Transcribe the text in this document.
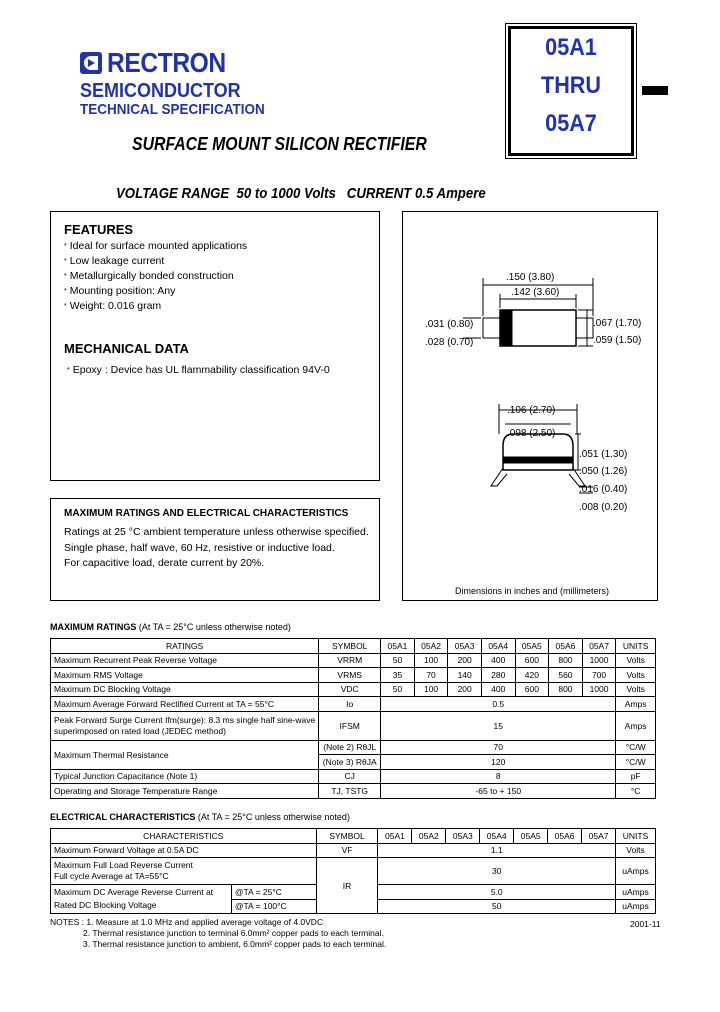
RECTRON
SEMICONDUCTOR
TECHNICAL SPECIFICATION
05A1
THRU
05A7
SURFACE MOUNT SILICON RECTIFIER
VOLTAGE RANGE  50 to 1000 Volts   CURRENT 0.5 Ampere
FEATURES
* Ideal for surface mounted applications
* Low leakage current
* Metallurgically bonded construction
* Mounting position: Any
* Weight: 0.016 gram
MECHANICAL DATA
* Epoxy : Device has UL flammability classification 94V-0
MAXIMUM RATINGS AND ELECTRICAL CHARACTERISTICS
Ratings at 25 °C ambient temperature unless otherwise specified.
Single phase, half wave, 60 Hz, resistive or inductive load.
For capacitive load, derate current by 20%.
.150 (3.80)
.142 (3.60)
.031 (0.80)
.028 (0.70)
.067 (1.70)
.059 (1.50)
.106 (2.70)
.098 (2.50)
.051 (1.30)
.050 (1.26)
.016 (0.40)
.008 (0.20)
Dimensions in inches and (millimeters)
MAXIMUM RATINGS (At TA = 25°C unless otherwise noted)
RATINGS	SYMBOL	05A1	05A2	05A3	05A4	05A5	05A6	05A7	UNITS
Maximum Recurrent Peak Reverse Voltage	VRRM	50	100	200	400	600	800	1000	Volts
Maximum RMS Voltage	VRMS	35	70	140	280	420	560	700	Volts
Maximum DC Blocking Voltage	VDC	50	100	200	400	600	800	1000	Volts
Maximum Average Forward Rectified Current at TA = 55°C	Io	0.5							Amps

Peak Forward Surge Current Ifm(surge): 8.3 ms single half sine-wave
superimposed on rated load (JEDEC method)	IFSM	15							Amps
Maximum Thermal Resistance	(Note 2) RθJL	70							°C/W
	(Note 3) RθJA	120							°C/W
Typical Junction Capacitance (Note 1)	CJ	8							pF
Operating and Storage Temperature Range	TJ, TSTG	-65 to + 150							°C
ELECTRICAL CHARACTERISTICS (At TA = 25°C unless otherwise noted)
CHARACTERISTICS		SYMBOL	05A1	05A2	05A3	05A4	05A5	05A6	05A7	UNITS
Maximum Forward Voltage at 0.5A DC		VF	1.1							Volts

Maximum Full Load Reverse Current
Full cycle Average at TA=55°C		IR	30							uAmps

Maximum DC Average Reverse Current at
Rated DC Blocking Voltage	@TA = 25°C		5.0							uAmps
	@TA = 100°C		50							uAmps
NOTES : 1. Measure at 1.0 MHz and applied average voltage of 4.0VDC
2. Thermal resistance junction to terminal 6.0mm² copper pads to each terminal.
3. Thermal resistance junction to ambient, 6.0mm² copper pads to each terminal.
2001-11
